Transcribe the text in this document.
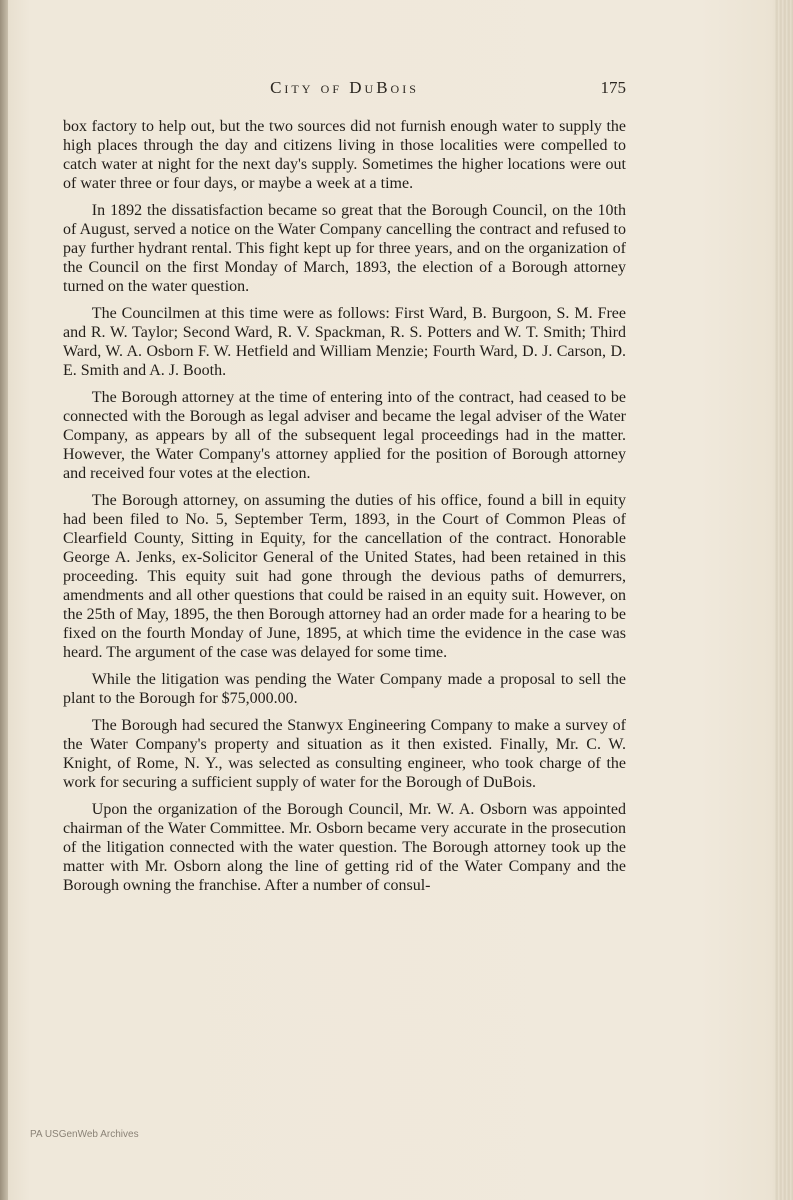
City of DuBois	175

box factory to help out, but the two sources did not furnish enough water to supply the high places through the day and citizens living in those localities were compelled to catch water at night for the next day's supply. Sometimes the higher locations were out of water three or four days, or maybe a week at a time.

In 1892 the dissatisfaction became so great that the Borough Council, on the 10th of August, served a notice on the Water Company cancelling the contract and refused to pay further hydrant rental. This fight kept up for three years, and on the organization of the Council on the first Monday of March, 1893, the election of a Borough attorney turned on the water question.

The Councilmen at this time were as follows: First Ward, B. Burgoon, S. M. Free and R. W. Taylor; Second Ward, R. V. Spackman, R. S. Potters and W. T. Smith; Third Ward, W. A. Osborn F. W. Hetfield and William Menzie; Fourth Ward, D. J. Carson, D. E. Smith and A. J. Booth.

The Borough attorney at the time of entering into of the contract, had ceased to be connected with the Borough as legal adviser and became the legal adviser of the Water Company, as appears by all of the subsequent legal proceedings had in the matter. However, the Water Company's attorney applied for the position of Borough attorney and received four votes at the election.

The Borough attorney, on assuming the duties of his office, found a bill in equity had been filed to No. 5, September Term, 1893, in the Court of Common Pleas of Clearfield County, Sitting in Equity, for the cancellation of the contract. Honorable George A. Jenks, ex-Solicitor General of the United States, had been retained in this proceeding. This equity suit had gone through the devious paths of demurrers, amendments and all other questions that could be raised in an equity suit. However, on the 25th of May, 1895, the then Borough attorney had an order made for a hearing to be fixed on the fourth Monday of June, 1895, at which time the evidence in the case was heard. The argument of the case was delayed for some time.

While the litigation was pending the Water Company made a proposal to sell the plant to the Borough for $75,000.00.

The Borough had secured the Stanwyx Engineering Company to make a survey of the Water Company's property and situation as it then existed. Finally, Mr. C. W. Knight, of Rome, N. Y., was selected as consulting engineer, who took charge of the work for securing a sufficient supply of water for the Borough of DuBois.

Upon the organization of the Borough Council, Mr. W. A. Osborn was appointed chairman of the Water Committee. Mr. Osborn became very accurate in the prosecution of the litigation connected with the water question. The Borough attorney took up the matter with Mr. Osborn along the line of getting rid of the Water Company and the Borough owning the franchise. After a number of consul-

PA USGenWeb Archives
